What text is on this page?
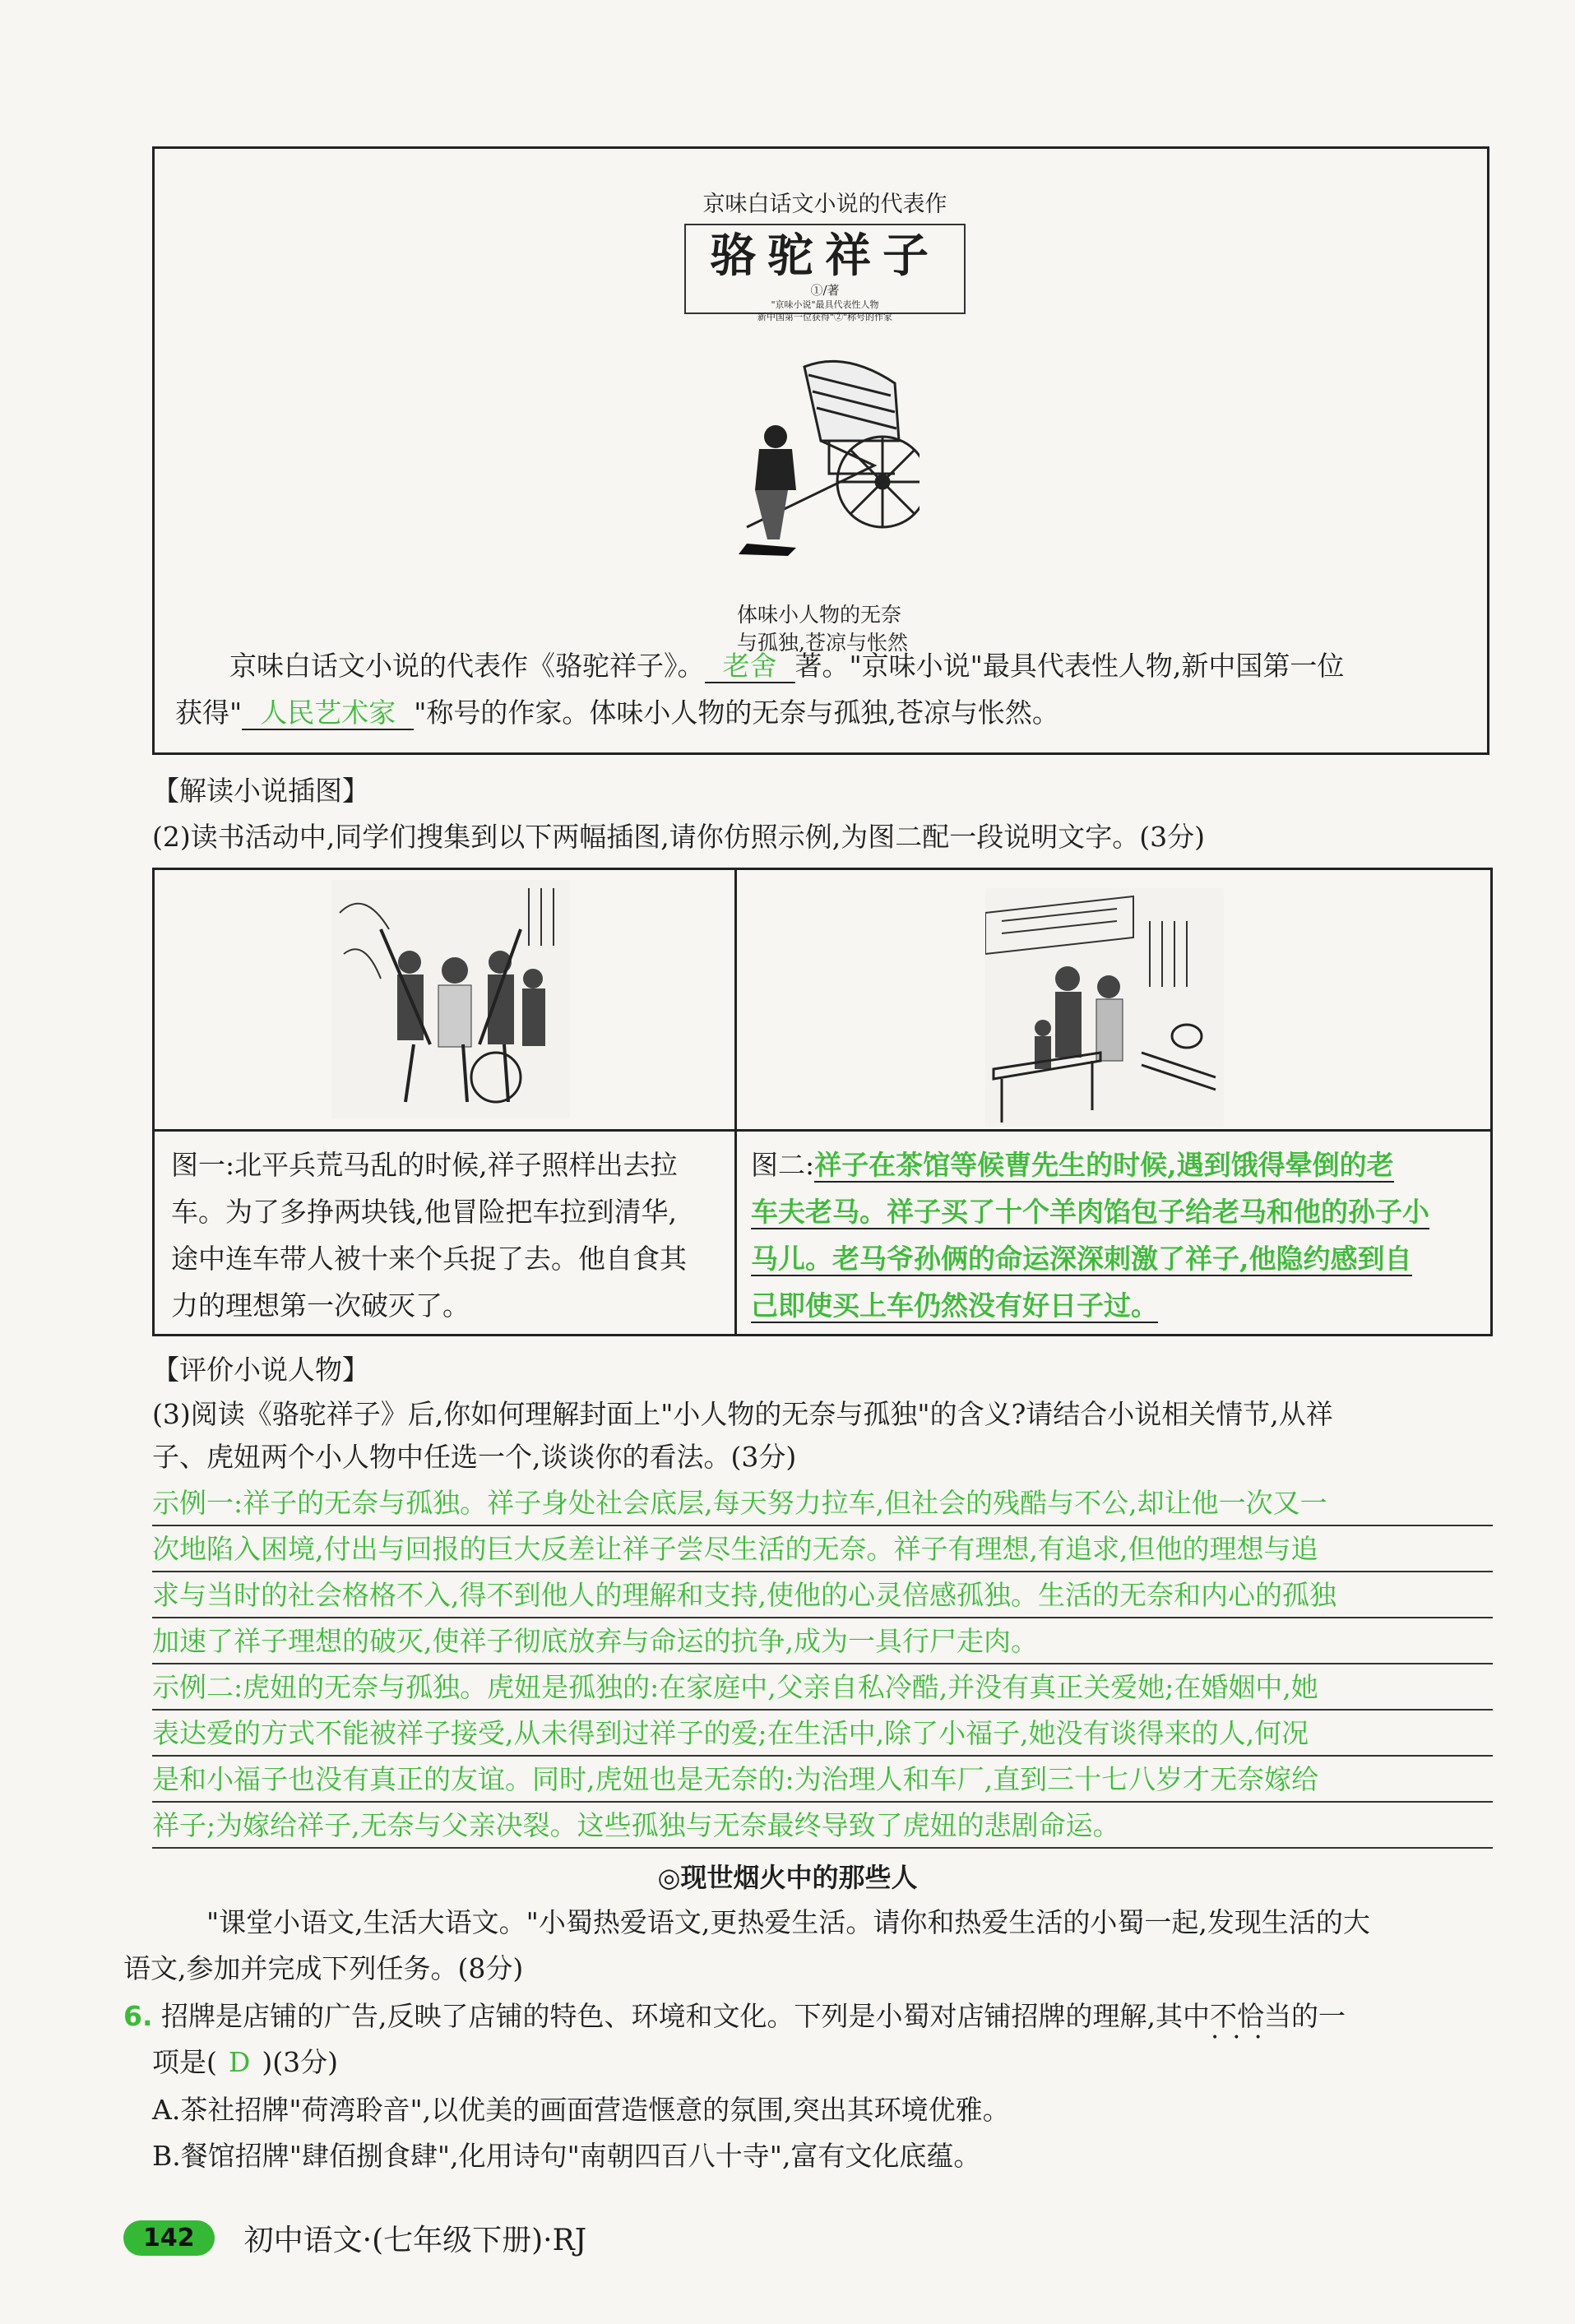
京味白话文小说的代表作
骆驼祥子
①/著
"京味小说"最具代表性人物
新中国第一位获得"②"称号的作家
体味小人物的无奈
与孤独,苍凉与怅然
京味白话文小说的代表作《骆驼祥子》。 老舍 著。"京味小说"最具代表性人物,新中国第一位
获得" 人民艺术家 "称号的作家。体味小人物的无奈与孤独,苍凉与怅然。
【解读小说插图】
(2)读书活动中,同学们搜集到以下两幅插图,请你仿照示例,为图二配一段说明文字。(3分)
图一:北平兵荒马乱的时候,祥子照样出去拉
车。为了多挣两块钱,他冒险把车拉到清华,
途中连车带人被十来个兵捉了去。他自食其
力的理想第一次破灭了。
图二:祥子在茶馆等候曹先生的时候,遇到饿得晕倒的老
车夫老马。祥子买了十个羊肉馅包子给老马和他的孙子小
马儿。老马爷孙俩的命运深深刺激了祥子,他隐约感到自
己即使买上车仍然没有好日子过。
【评价小说人物】
(3)阅读《骆驼祥子》后,你如何理解封面上"小人物的无奈与孤独"的含义?请结合小说相关情节,从祥
子、虎妞两个小人物中任选一个,谈谈你的看法。(3分)
示例一:祥子的无奈与孤独。祥子身处社会底层,每天努力拉车,但社会的残酷与不公,却让他一次又一
次地陷入困境,付出与回报的巨大反差让祥子尝尽生活的无奈。祥子有理想,有追求,但他的理想与追
求与当时的社会格格不入,得不到他人的理解和支持,使他的心灵倍感孤独。生活的无奈和内心的孤独
加速了祥子理想的破灭,使祥子彻底放弃与命运的抗争,成为一具行尸走肉。
示例二:虎妞的无奈与孤独。虎妞是孤独的:在家庭中,父亲自私冷酷,并没有真正关爱她;在婚姻中,她
表达爱的方式不能被祥子接受,从未得到过祥子的爱;在生活中,除了小福子,她没有谈得来的人,何况
是和小福子也没有真正的友谊。同时,虎妞也是无奈的:为治理人和车厂,直到三十七八岁才无奈嫁给
祥子;为嫁给祥子,无奈与父亲决裂。这些孤独与无奈最终导致了虎妞的悲剧命运。
◎现世烟火中的那些人
"课堂小语文,生活大语文。"小蜀热爱语文,更热爱生活。请你和热爱生活的小蜀一起,发现生活的大
语文,参加并完成下列任务。(8分)
6. 招牌是店铺的广告,反映了店铺的特色、环境和文化。下列是小蜀对店铺招牌的理解,其中不恰当 •••的一
项是( D )(3分)
A.茶社招牌"荷湾聆音",以优美的画面营造惬意的氛围,突出其环境优雅。
B.餐馆招牌"肆佰捌食肆",化用诗句"南朝四百八十寺",富有文化底蕴。
142	初中语文·(七年级下册)·RJ
